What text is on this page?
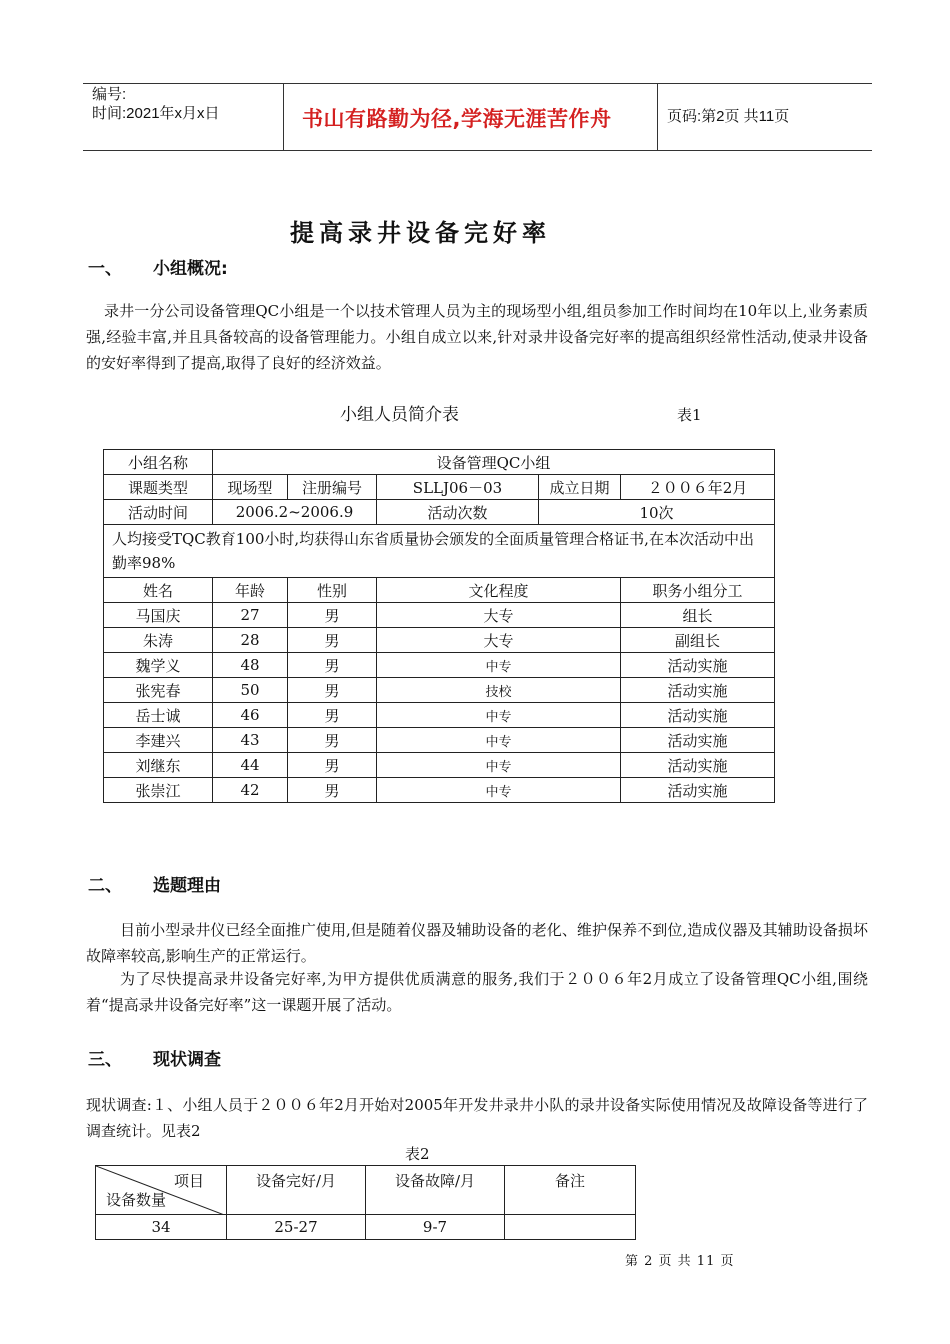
编号:
时间:2021年x月x日	书山有路勤为径,学海无涯苦作舟	页码:第2页 共11页
提高录井设备完好率
一、 小组概况:
录井一分公司设备管理QC小组是一个以技术管理人员为主的现场型小组,组员参加工作时间均在10年以上,业务素质强,经验丰富,并且具备较高的设备管理能力。小组自成立以来,针对录井设备完好率的提高组织经常性活动,使录井设备的安好率得到了提高,取得了良好的经济效益。
小组人员简介表	表1
小组名称	设备管理QC小组				
课题类型	现场型	注册编号	SLLJ06－03	成立日期	２００６年2月
活动时间	2006.2~2006.9		活动次数	10次	
人均接受TQC教育100小时,均获得山东省质量协会颁发的全面质量管理合格证书,在本次活动中出勤率98%					
姓名	年龄	性别	文化程度		职务小组分工
马国庆	27	男	大专		组长
朱涛	28	男	大专		副组长
魏学义	48	男	中专		活动实施
张宪春	50	男	技校		活动实施
岳士诚	46	男	中专		活动实施
李建兴	43	男	中专		活动实施
刘继东	44	男	中专		活动实施
张崇江	42	男	中专		活动实施
二、 选题理由
目前小型录井仪已经全面推广使用,但是随着仪器及辅助设备的老化、维护保养不到位,造成仪器及其辅助设备损坏故障率较高,影响生产的正常运行。
为了尽快提高录井设备完好率,为甲方提供优质满意的服务,我们于２００６年2月成立了设备管理QC小组,围绕着“提高录井设备完好率”这一课题开展了活动。
三、 现状调查
现状调查:１、小组人员于２００６年2月开始对2005年开发井录井小队的录井设备实际使用情况及故障设备等进行了调查统计。见表2
表2
项目
设备数量	设备完好/月	设备故障/月	备注
34	25-27	9-7	
第 2 页 共 11 页
